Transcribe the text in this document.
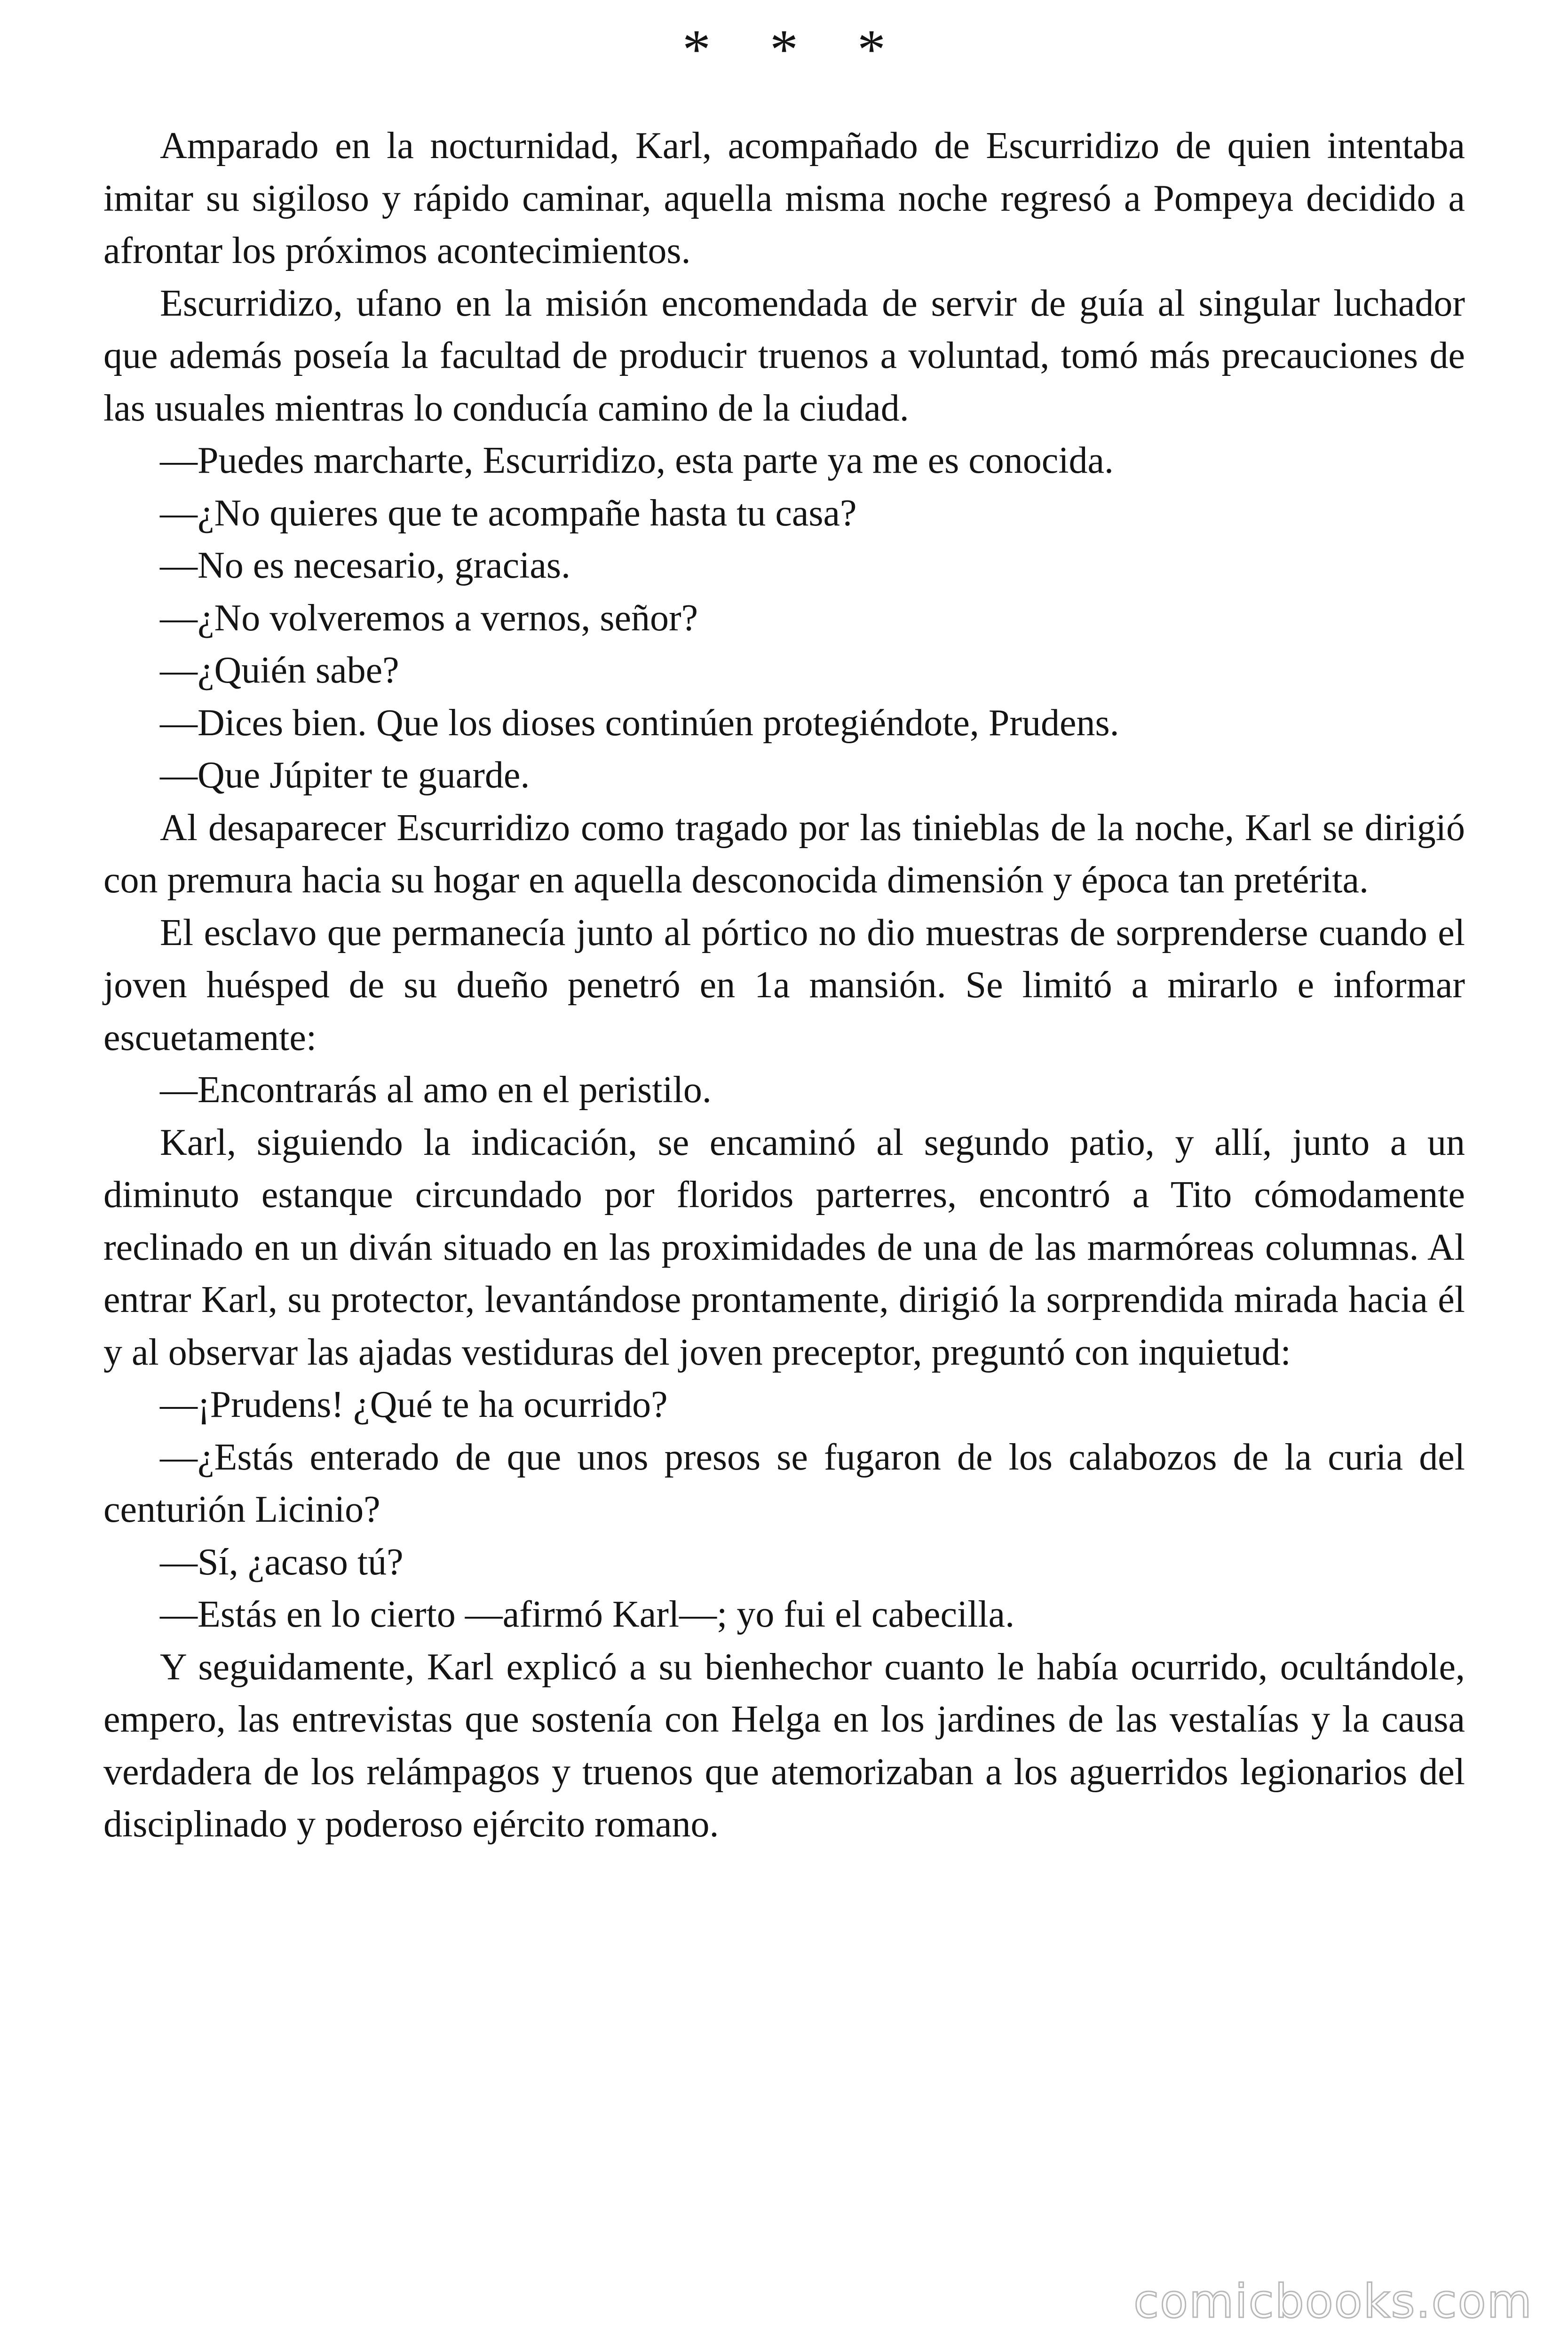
* * *

Amparado en la nocturnidad, Karl, acompañado de Escurridizo de quien intentaba imitar su sigiloso y rápido caminar, aquella misma noche regresó a Pompeya decidido a afrontar los próximos acontecimientos.

Escurridizo, ufano en la misión encomendada de servir de guía al singular luchador que además poseía la facultad de producir truenos a voluntad, tomó más precauciones de las usuales mientras lo conducía camino de la ciudad.

—Puedes marcharte, Escurridizo, esta parte ya me es conocida.

—¿No quieres que te acompañe hasta tu casa?

—No es necesario, gracias.

—¿No volveremos a vernos, señor?

—¿Quién sabe?

—Dices bien. Que los dioses continúen protegiéndote, Prudens.

—Que Júpiter te guarde.

Al desaparecer Escurridizo como tragado por las tinieblas de la noche, Karl se dirigió con premura hacia su hogar en aquella desconocida dimensión y época tan pretérita.

El esclavo que permanecía junto al pórtico no dio muestras de sorprenderse cuando el joven huésped de su dueño penetró en 1a mansión. Se limitó a mirarlo e informar escuetamente:

—Encontrarás al amo en el peristilo.

Karl, siguiendo la indicación, se encaminó al segundo patio, y allí, junto a un diminuto estanque circundado por floridos parterres, encontró a Tito cómodamente reclinado en un diván situado en las proximidades de una de las marmóreas columnas. Al entrar Karl, su protector, levantándose prontamente, dirigió la sorprendida mirada hacia él y al observar las ajadas vestiduras del joven preceptor, preguntó con inquietud:

—¡Prudens! ¿Qué te ha ocurrido?

—¿Estás enterado de que unos presos se fugaron de los calabozos de la curia del centurión Licinio?

—Sí, ¿acaso tú?

—Estás en lo cierto —afirmó Karl—; yo fui el cabecilla.

Y seguidamente, Karl explicó a su bienhechor cuanto le había ocurrido, ocultándole, empero, las entrevistas que sostenía con Helga en los jardines de las vestalías y la causa verdadera de los relámpagos y truenos que atemorizaban a los aguerridos legionarios del disciplinado y poderoso ejército romano.

comicbooks.com
